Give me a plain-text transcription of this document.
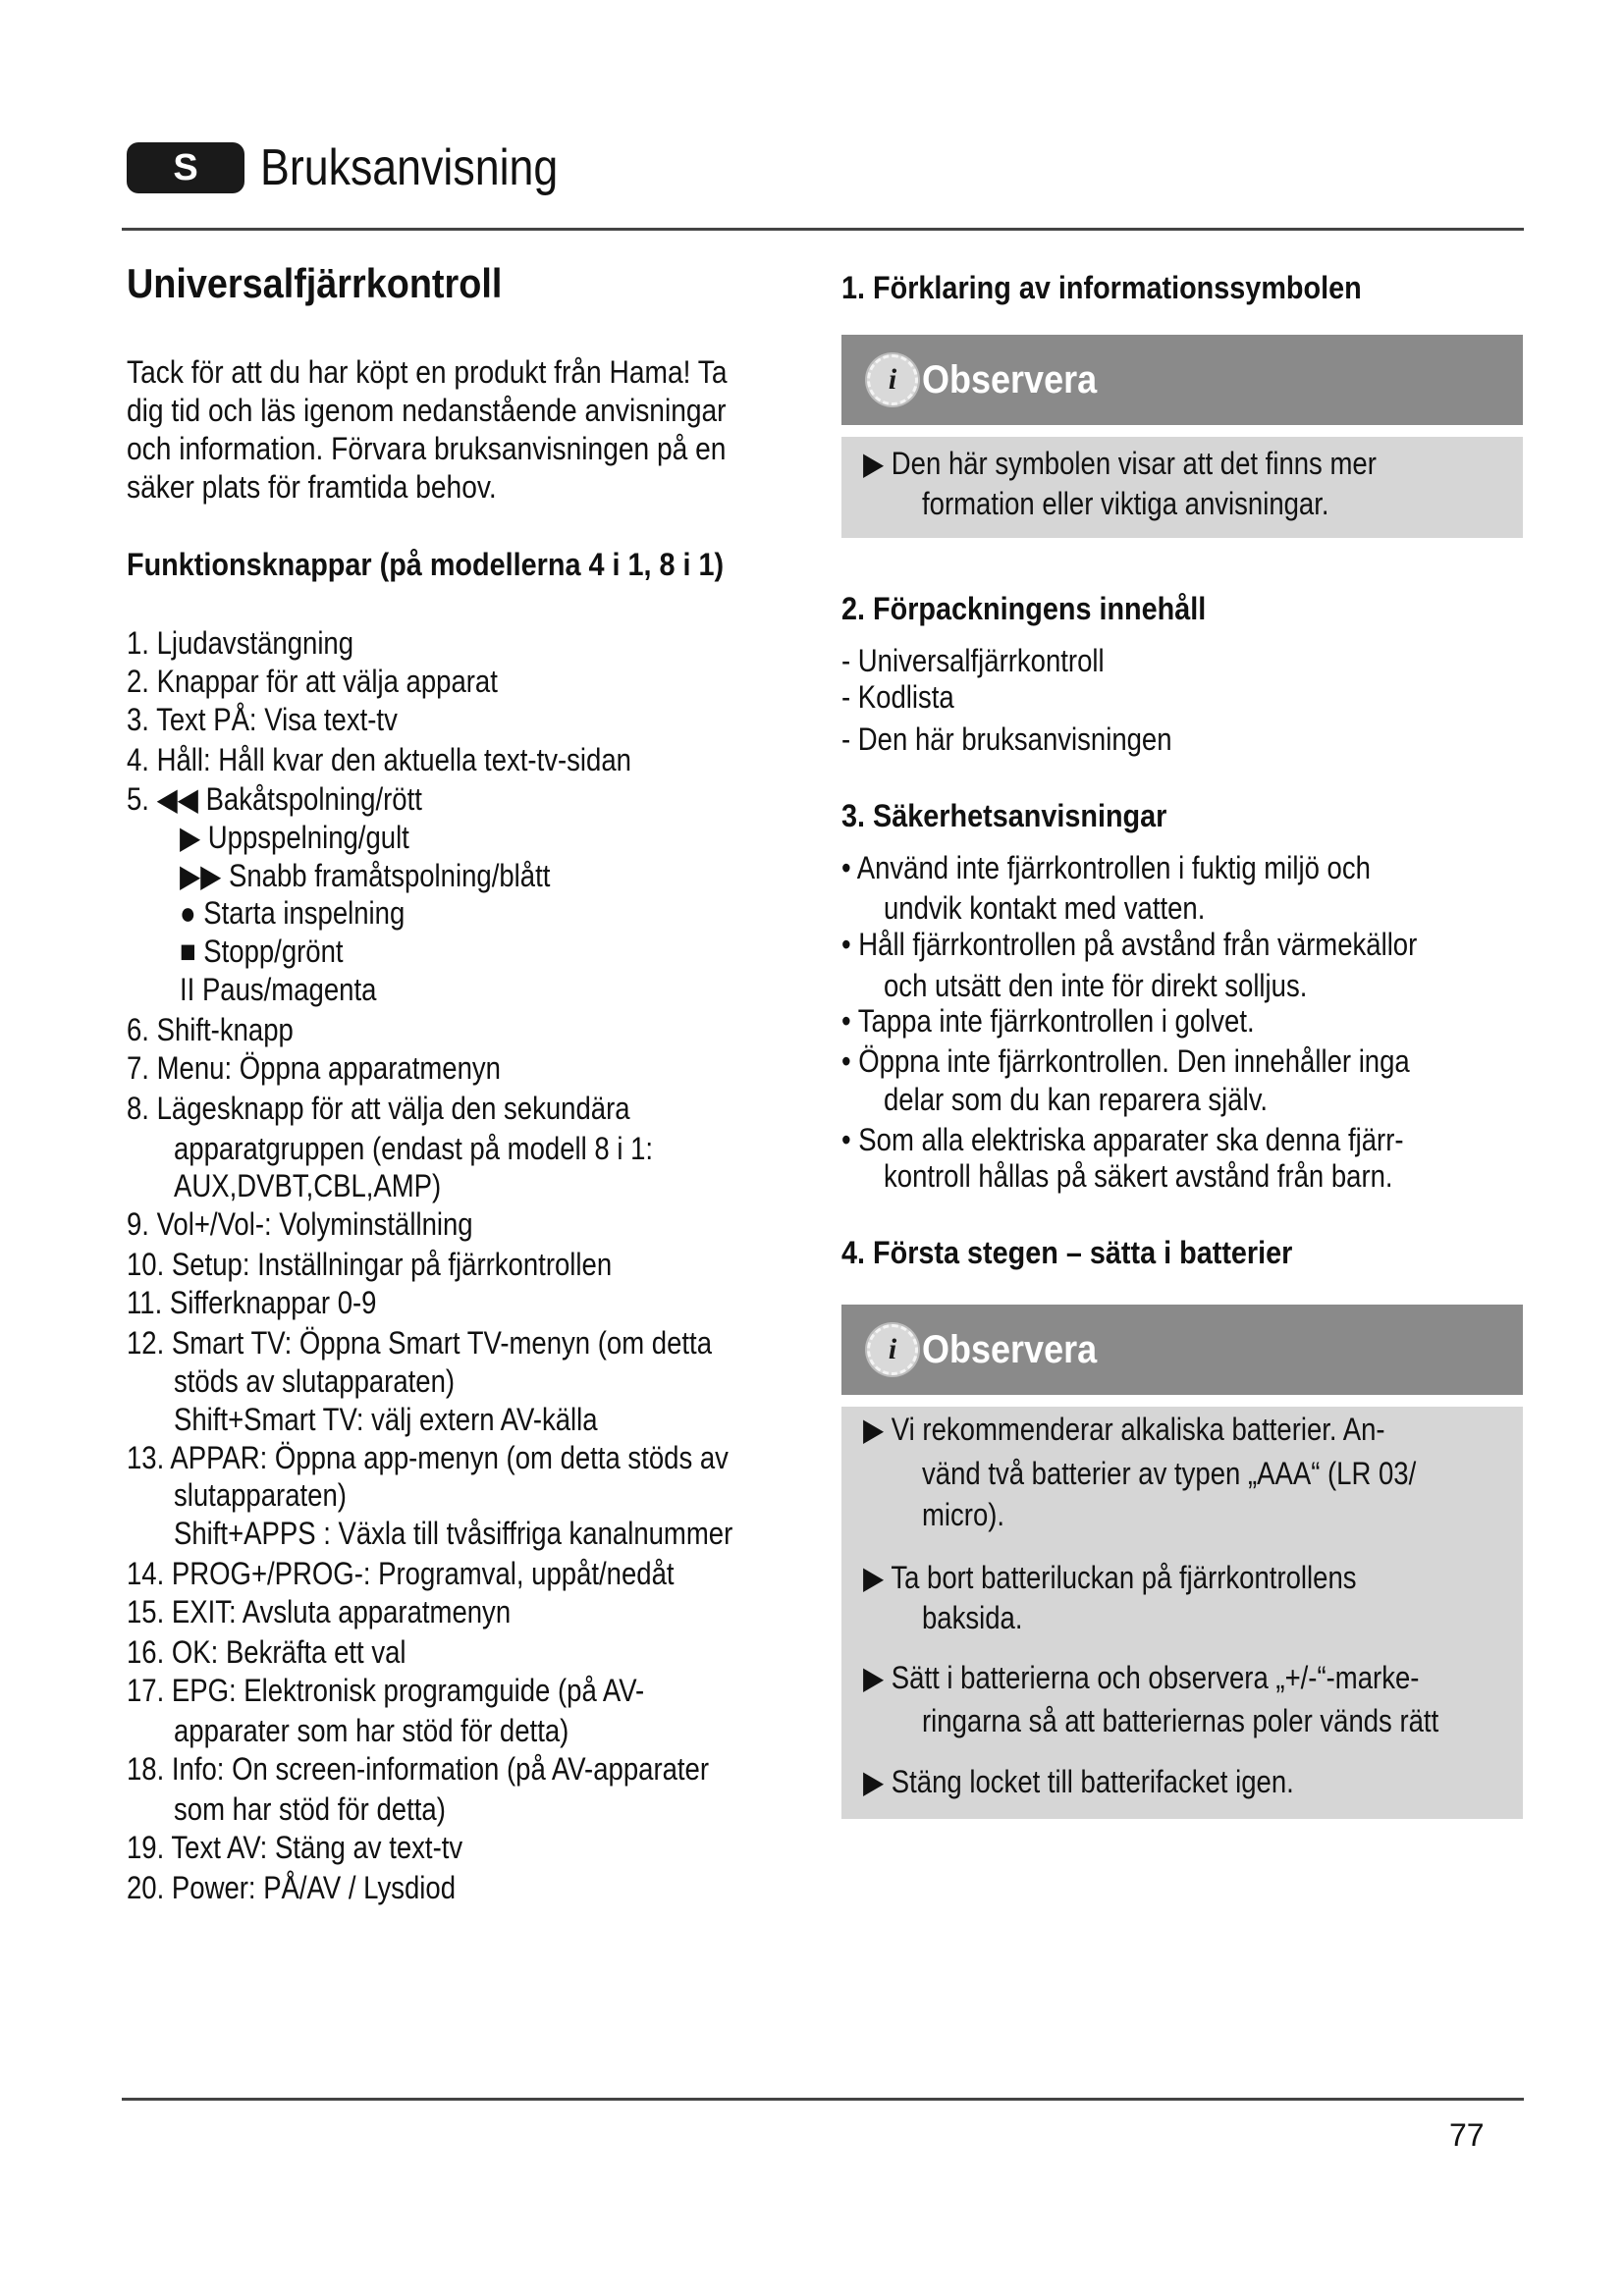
S	Bruksanvisning
Universalfjärrkontroll
Tack för att du har köpt en produkt från Hama! Ta
dig tid och läs igenom nedanstående anvisningar
och information. Förvara bruksanvisningen på en
säker plats för framtida behov.
Funktionsknappar (på modellerna 4 i 1, 8 i 1)
1. Ljudavstängning
2. Knappar för att välja apparat
3. Text PÅ: Visa text-tv
4. Håll: Håll kvar den aktuella text-tv-sidan
5. ◀◀ Bakåtspolning/rött
▶ Uppspelning/gult
▶▶ Snabb framåtspolning/blått
● Starta inspelning
■ Stopp/grönt
II Paus/magenta
6. Shift-knapp
7. Menu: Öppna apparatmenyn
8. Lägesknapp för att välja den sekundära
apparatgruppen (endast på modell 8 i 1:
AUX,DVBT,CBL,AMP)
9. Vol+/Vol-: Volyminställning
10. Setup: Inställningar på fjärrkontrollen
11. Sifferknappar 0-9
12. Smart TV: Öppna Smart TV-menyn (om detta
stöds av slutapparaten)
Shift+Smart TV: välj extern AV-källa
13. APPAR: Öppna app-menyn (om detta stöds av
slutapparaten)
Shift+APPS : Växla till tvåsiffriga kanalnummer
14. PROG+/PROG-: Programval, uppåt/nedåt
15. EXIT: Avsluta apparatmenyn
16. OK: Bekräfta ett val
17. EPG: Elektronisk programguide (på AV-
apparater som har stöd för detta)
18. Info: On screen-information (på AV-apparater
som har stöd för detta)
19. Text AV: Stäng av text-tv
20. Power: PÅ/AV / Lysdiod
1. Förklaring av informationssymbolen
i Observera
▶ Den här symbolen visar att det finns mer
formation eller viktiga anvisningar.
2. Förpackningens innehåll
- Universalfjärrkontroll
- Kodlista
- Den här bruksanvisningen
3. Säkerhetsanvisningar
• Använd inte fjärrkontrollen i fuktig miljö och
undvik kontakt med vatten.
• Håll fjärrkontrollen på avstånd från värmekällor
och utsätt den inte för direkt solljus.
• Tappa inte fjärrkontrollen i golvet.
• Öppna inte fjärrkontrollen. Den innehåller inga
delar som du kan reparera själv.
• Som alla elektriska apparater ska denna fjärr-
kontroll hållas på säkert avstånd från barn.
4. Första stegen – sätta i batterier
i Observera
▶ Vi rekommenderar alkaliska batterier. An-
vänd två batterier av typen „AAA“ (LR 03/
micro).
▶ Ta bort batteriluckan på fjärrkontrollens
baksida.
▶ Sätt i batterierna och observera „+/-“-marke-
ringarna så att batteriernas poler vänds rätt
▶ Stäng locket till batterifacket igen.
77
